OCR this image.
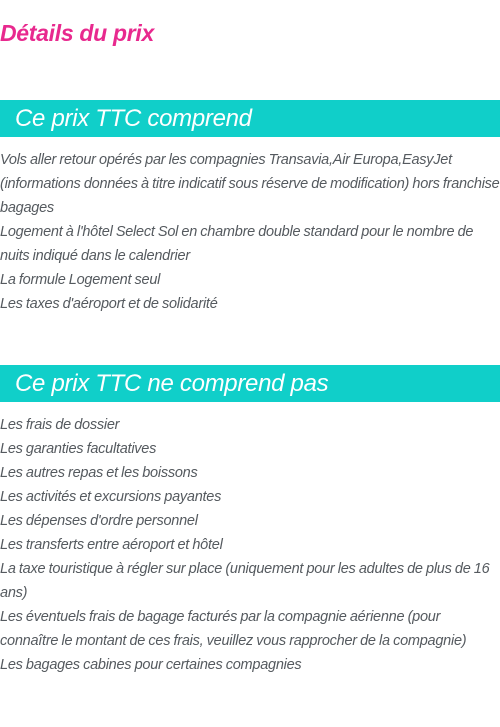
Détails du prix
Ce prix TTC comprend
Vols aller retour opérés par les compagnies Transavia,Air Europa,EasyJet (informations données à titre indicatif sous réserve de modification) hors franchise bagages
Logement à l'hôtel Select Sol en chambre double standard pour le nombre de nuits indiqué dans le calendrier
La formule Logement seul
Les taxes d'aéroport et de solidarité
Ce prix TTC ne comprend pas
Les frais de dossier
Les garanties facultatives
Les autres repas et les boissons
Les activités et excursions payantes
Les dépenses d'ordre personnel
Les transferts entre aéroport et hôtel
La taxe touristique à régler sur place (uniquement pour les adultes de plus de 16 ans)
Les éventuels frais de bagage facturés par la compagnie aérienne (pour connaître le montant de ces frais, veuillez vous rapprocher de la compagnie)
Les bagages cabines pour certaines compagnies
